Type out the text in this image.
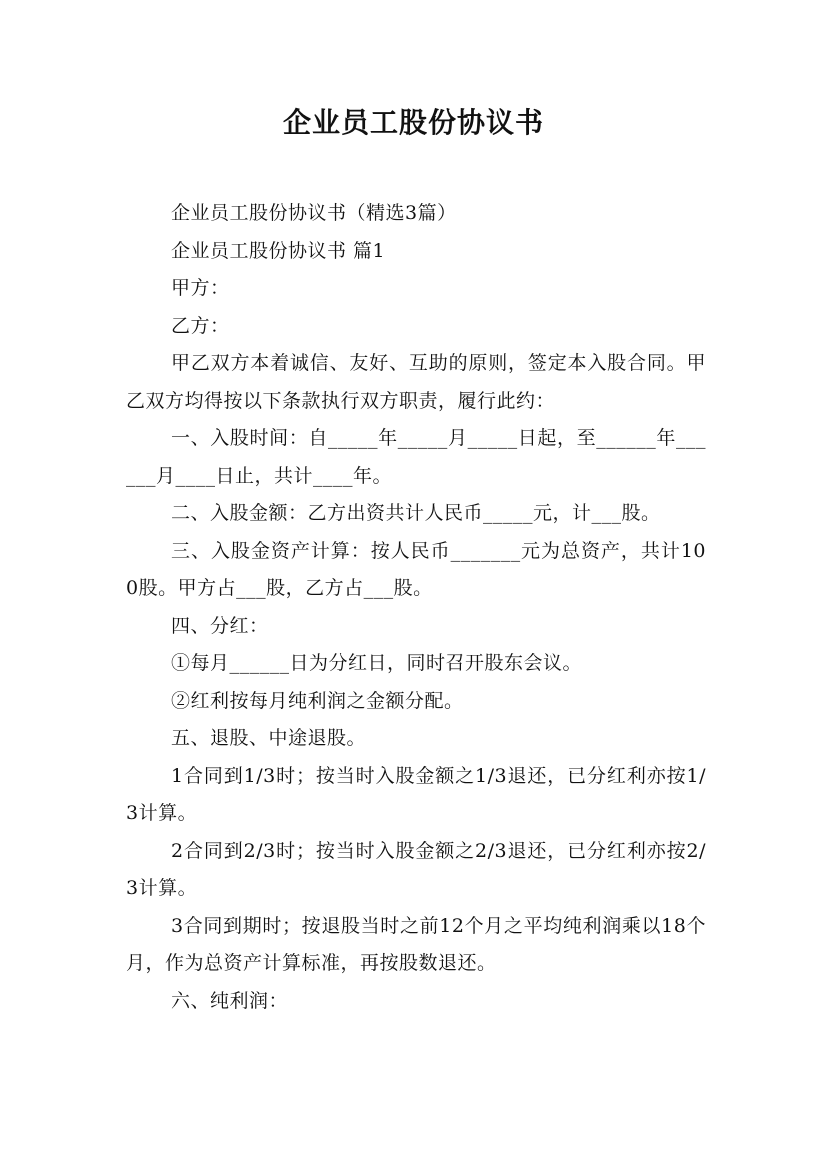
企业员工股份协议书

企业员工股份协议书（精选3篇）

企业员工股份协议书 篇1

甲方：

乙方：

甲乙双方本着诚信、友好、互助的原则，签定本入股合同。甲乙双方均得按以下条款执行双方职责，履行此约：

一、入股时间：自_____年_____月_____日起，至______年______月____日止，共计____年。

二、入股金额：乙方出资共计人民币_____元，计___股。

三、入股金资产计算：按人民币_______元为总资产，共计100股。甲方占___股，乙方占___股。

四、分红：

①每月______日为分红日，同时召开股东会议。

②红利按每月纯利润之金额分配。

五、退股、中途退股。

1合同到1/3时；按当时入股金额之1/3退还，已分红利亦按1/3计算。

2合同到2/3时；按当时入股金额之2/3退还，已分红利亦按2/3计算。

3合同到期时；按退股当时之前12个月之平均纯利润乘以18个月，作为总资产计算标准，再按股数退还。

六、纯利润：
